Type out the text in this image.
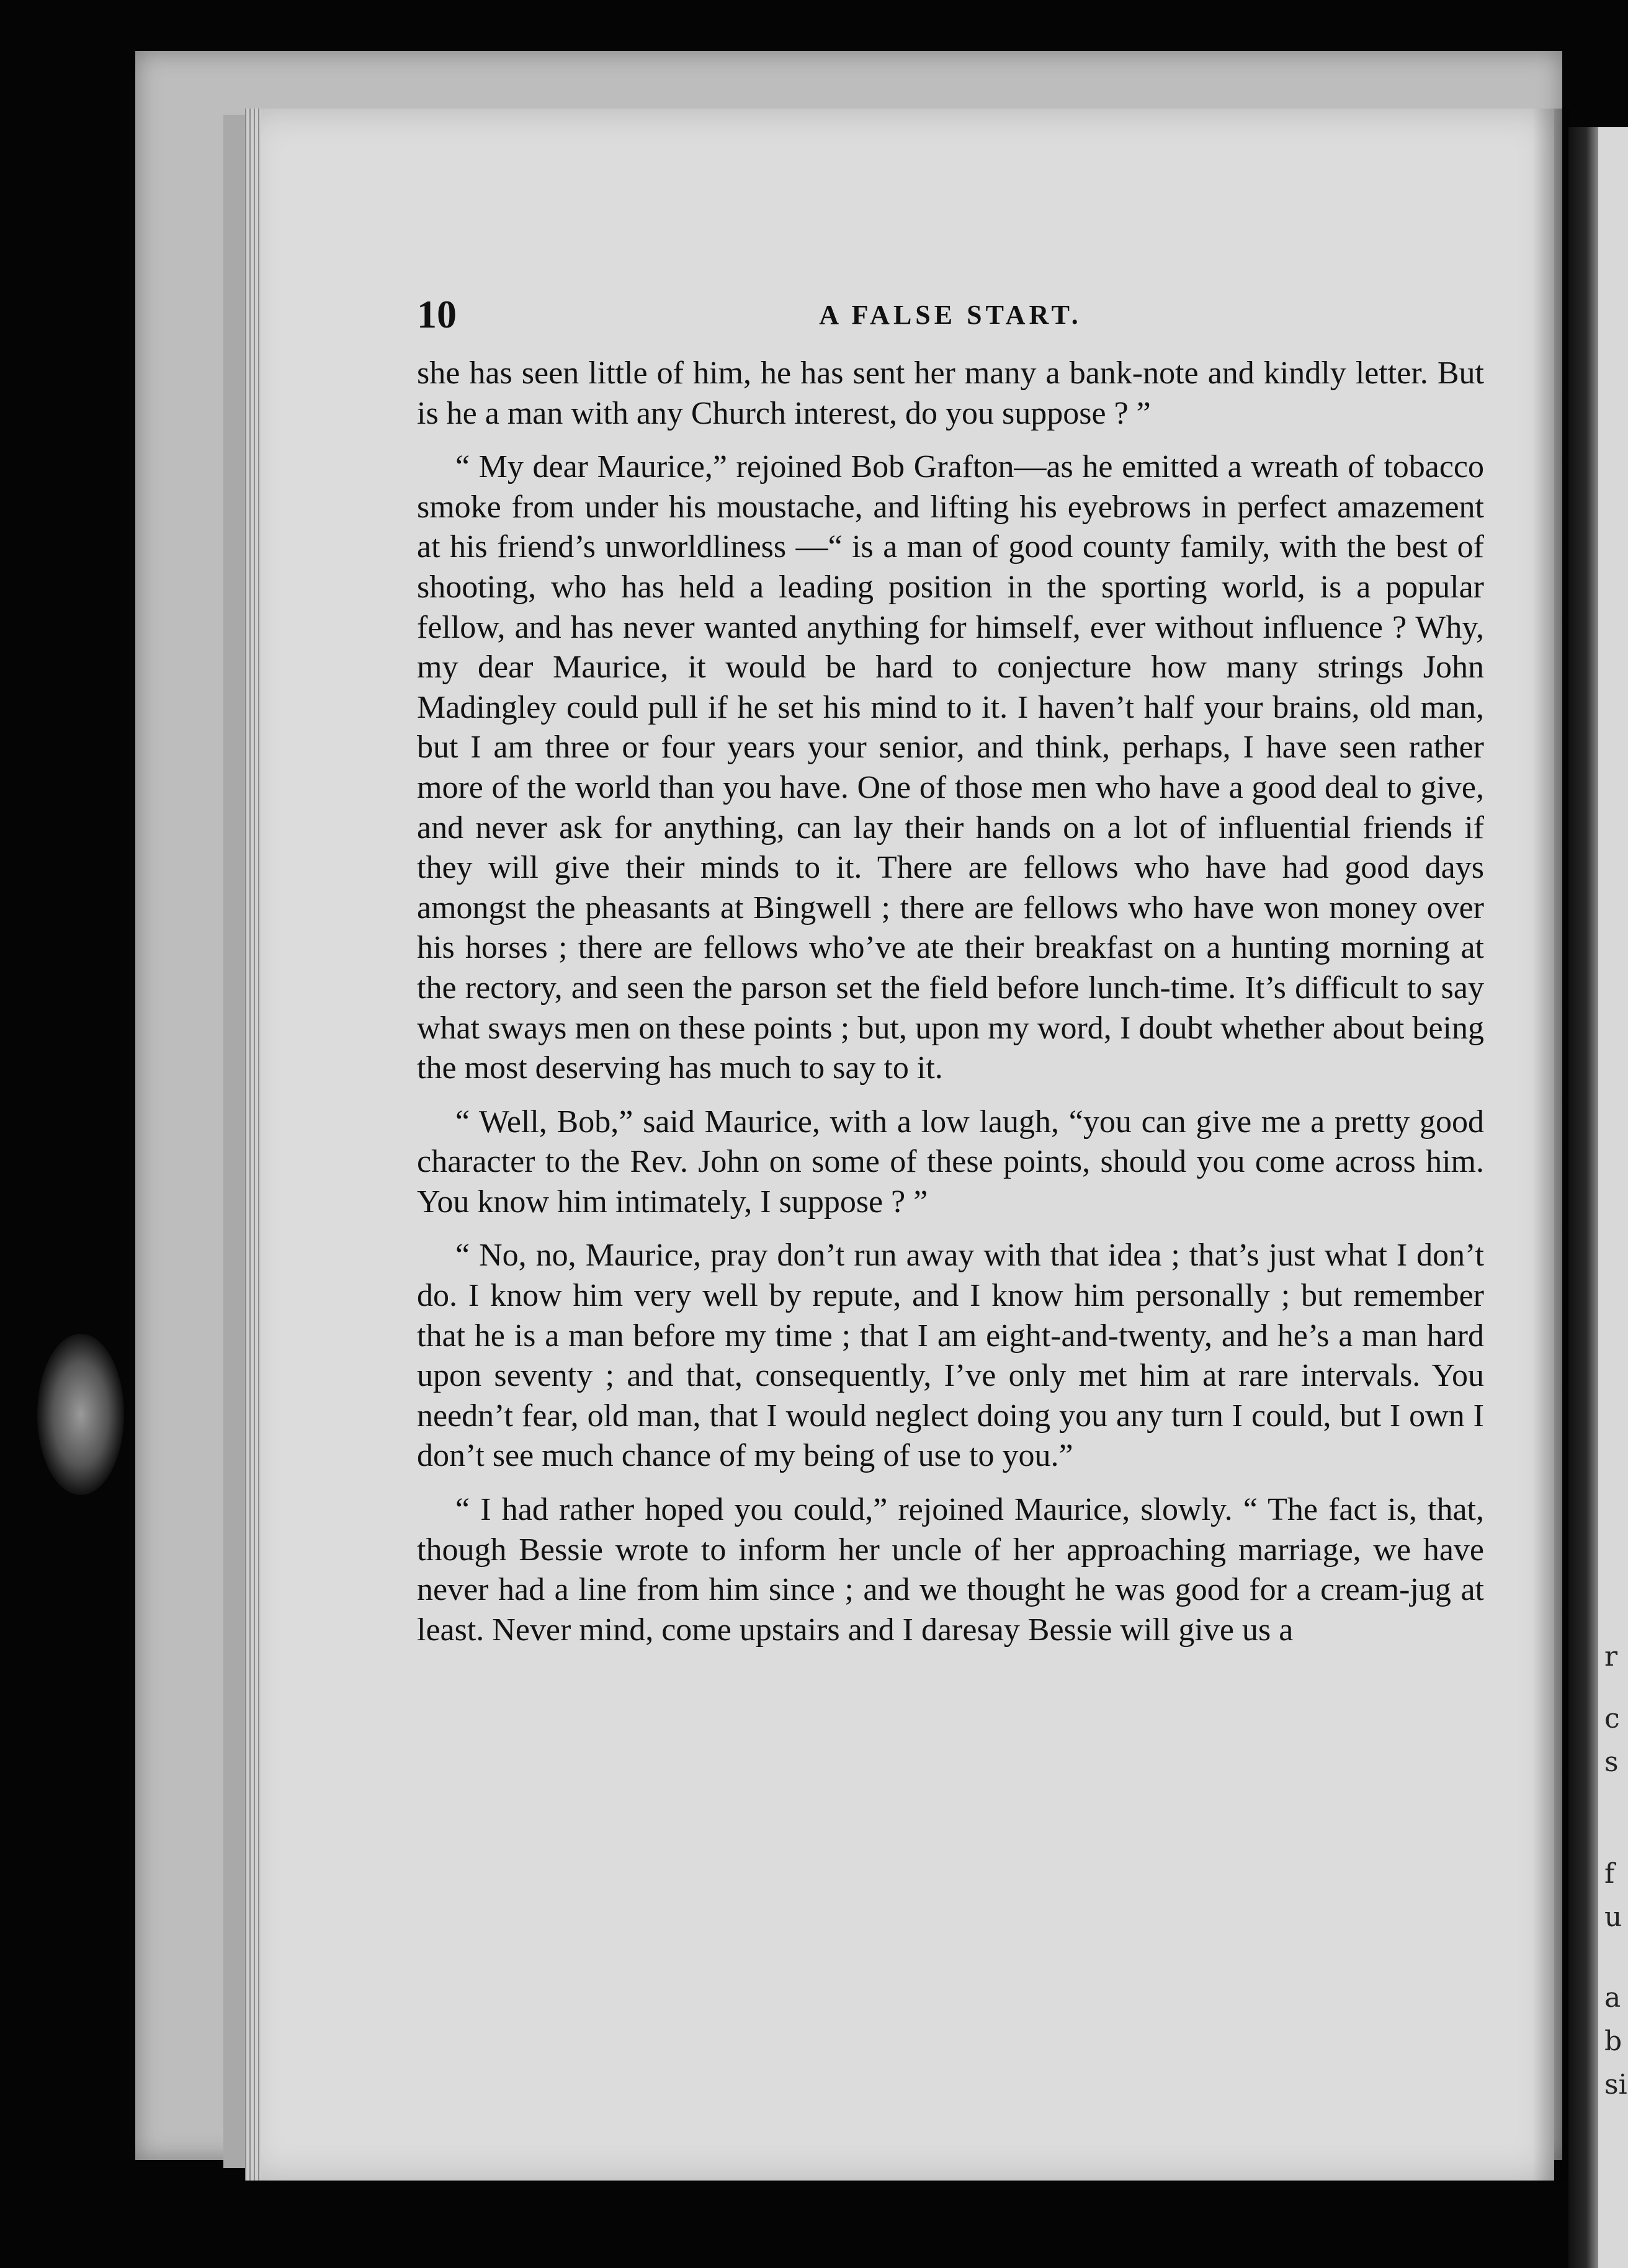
r
c
s
f
u
a
b
si
10	A FALSE START.

she has seen little of him, he has sent her many a bank-note and kindly letter. But is he a man with any Church interest, do you suppose ? ”

“ My dear Maurice,” rejoined Bob Grafton—as he emitted a wreath of tobacco smoke from under his moustache, and lifting his eyebrows in perfect amazement at his friend’s unworldliness —“ is a man of good county family, with the best of shooting, who has held a leading position in the sporting world, is a popular fellow, and has never wanted anything for himself, ever without influence ? Why, my dear Maurice, it would be hard to conjecture how many strings John Madingley could pull if he set his mind to it. I haven’t half your brains, old man, but I am three or four years your senior, and think, perhaps, I have seen rather more of the world than you have. One of those men who have a good deal to give, and never ask for anything, can lay their hands on a lot of influential friends if they will give their minds to it. There are fellows who have had good days amongst the pheasants at Bingwell ; there are fellows who have won money over his horses ; there are fellows who’ve ate their breakfast on a hunting morning at the rectory, and seen the parson set the field before lunch-time. It’s difficult to say what sways men on these points ; but, upon my word, I doubt whether about being the most deserving has much to say to it.

“ Well, Bob,” said Maurice, with a low laugh, “you can give me a pretty good character to the Rev. John on some of these points, should you come across him. You know him intimately, I suppose ? ”

“ No, no, Maurice, pray don’t run away with that idea ; that’s just what I don’t do. I know him very well by repute, and I know him personally ; but remember that he is a man before my time ; that I am eight-and-twenty, and he’s a man hard upon seventy ; and that, consequently, I’ve only met him at rare intervals. You needn’t fear, old man, that I would neglect doing you any turn I could, but I own I don’t see much chance of my being of use to you.”

“ I had rather hoped you could,” rejoined Maurice, slowly. “ The fact is, that, though Bessie wrote to inform her uncle of her approaching marriage, we have never had a line from him since ; and we thought he was good for a cream-jug at least. Never mind, come upstairs and I daresay Bessie will give us a
